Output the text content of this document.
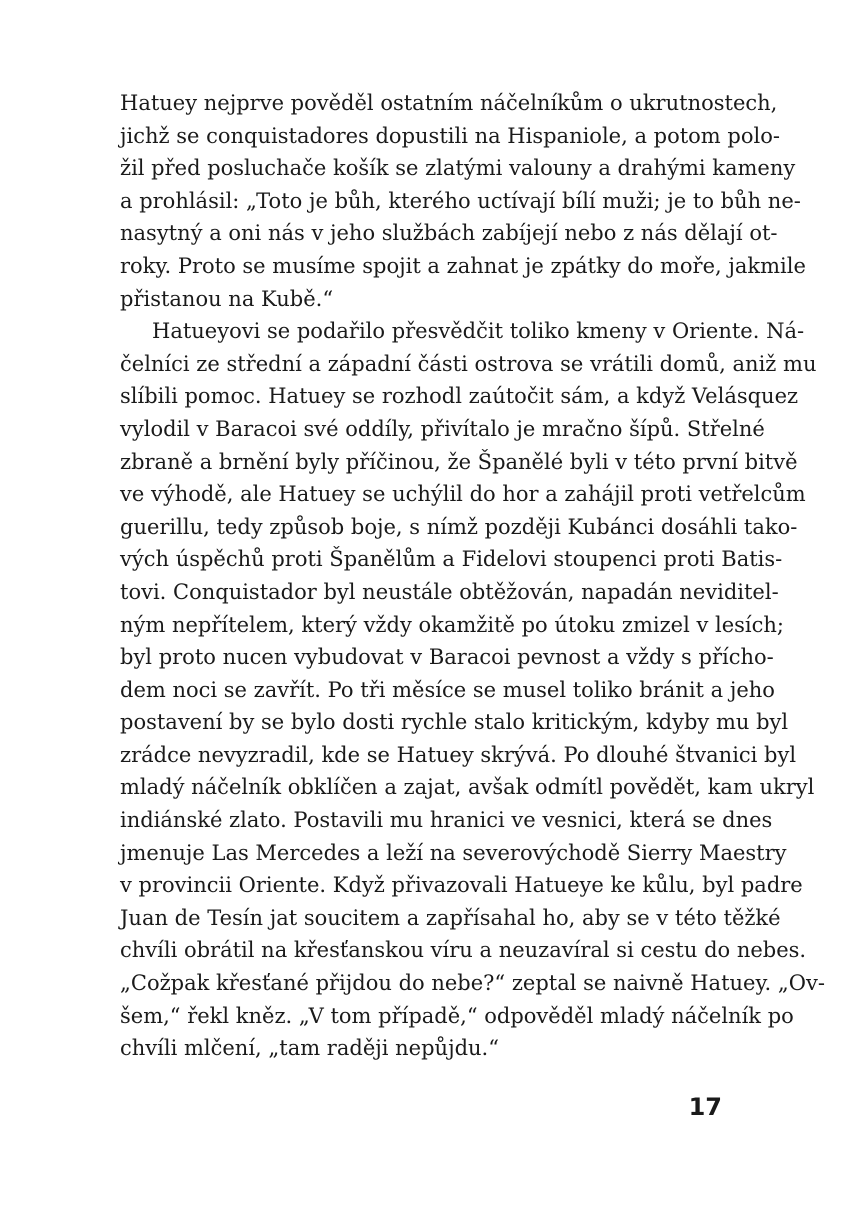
Hatuey nejprve pověděl ostatním náčelníkům o ukrutnostech,
jichž se conquistadores dopustili na Hispaniole, a potom polo-
žil před posluchače košík se zlatými valouny a drahými kameny
a prohlásil: „Toto je bůh, kterého uctívají bílí muži; je to bůh ne-
nasytný a oni nás v jeho službách zabíjejí nebo z nás dělají ot-
roky. Proto se musíme spojit a zahnat je zpátky do moře, jakmile
přistanou na Kubě.“

Hatueyovi se podařilo přesvědčit toliko kmeny v Oriente. Ná-
čelníci ze střední a západní části ostrova se vrátili domů, aniž mu
slíbili pomoc. Hatuey se rozhodl zaútočit sám, a když Velásquez
vylodil v Baracoi své oddíly, přivítalo je mračno šípů. Střelné
zbraně a brnění byly příčinou, že Španělé byli v této první bitvě
ve výhodě, ale Hatuey se uchýlil do hor a zahájil proti vetřelcům
guerillu, tedy způsob boje, s nímž později Kubánci dosáhli tako-
vých úspěchů proti Španělům a Fidelovi stoupenci proti Batis-
tovi. Conquistador byl neustále obtěžován, napadán neviditel-
ným nepřítelem, který vždy okamžitě po útoku zmizel v lesích;
byl proto nucen vybudovat v Baracoi pevnost a vždy s přícho-
dem noci se zavřít. Po tři měsíce se musel toliko bránit a jeho
postavení by se bylo dosti rychle stalo kritickým, kdyby mu byl
zrádce nevyzradil, kde se Hatuey skrývá. Po dlouhé štvanici byl
mladý náčelník obklíčen a zajat, avšak odmítl povědět, kam ukryl
indiánské zlato. Postavili mu hranici ve vesnici, která se dnes
jmenuje Las Mercedes a leží na severovýchodě Sierry Maestry
v provincii Oriente. Když přivazovali Hatueye ke kůlu, byl padre
Juan de Tesín jat soucitem a zapřísahal ho, aby se v této těžké
chvíli obrátil na křesťanskou víru a neuzavíral si cestu do nebes.
„Cožpak křesťané přijdou do nebe?“ zeptal se naivně Hatuey. „Ov-
šem,“ řekl kněz. „V tom případě,“ odpověděl mladý náčelník po
chvíli mlčení, „tam raději nepůjdu.“

17
